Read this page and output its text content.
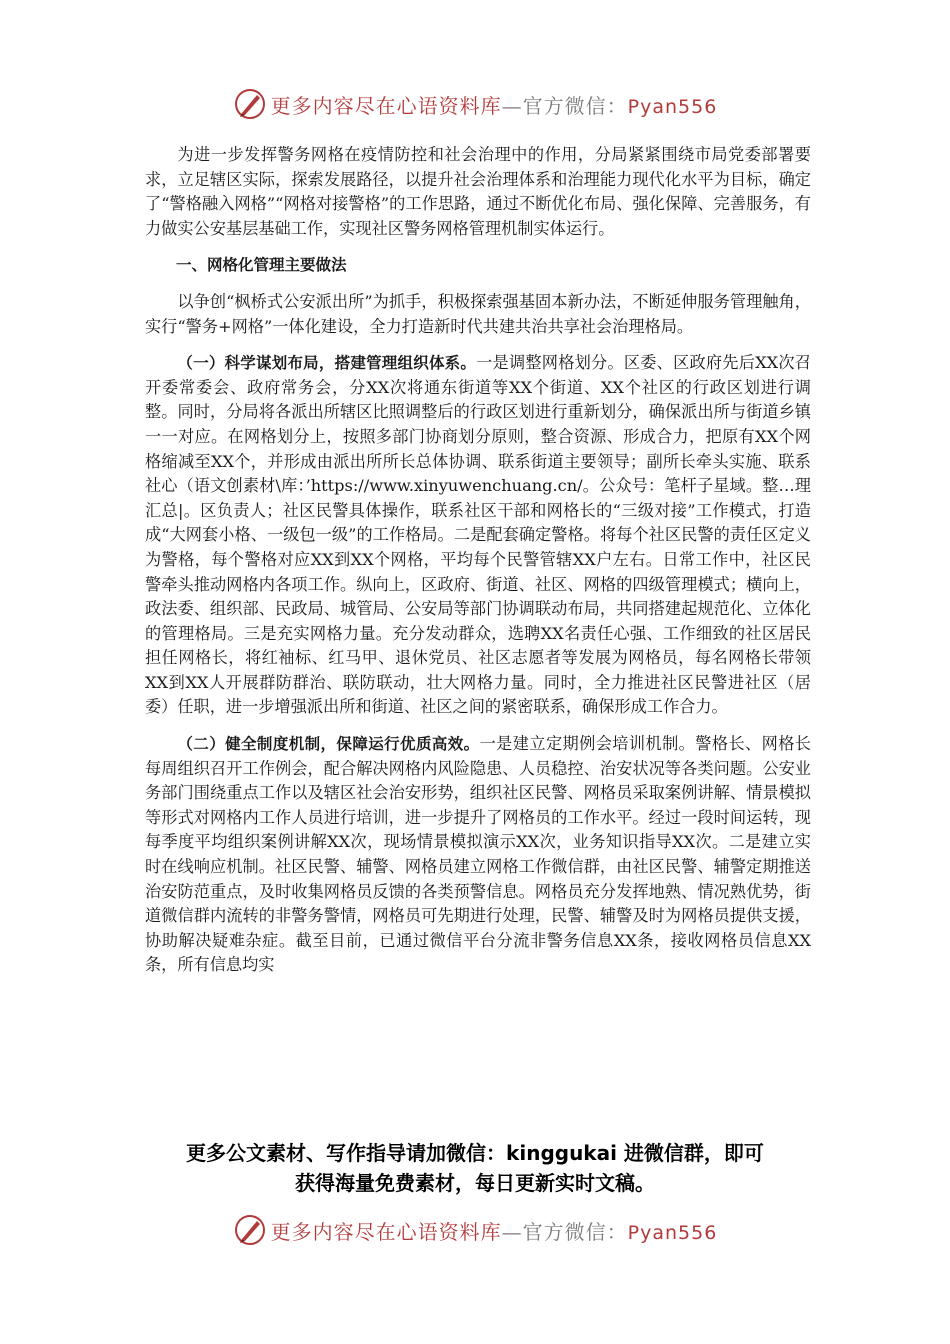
更多内容尽在心语资料库—官方微信：Pyan556

为进一步发挥警务网格在疫情防控和社会治理中的作用，分局紧紧围绕市局党委部署要求，立足辖区实际，探索发展路径，以提升社会治理体系和治理能力现代化水平为目标，确定了“警格融入网格”“网格对接警格”的工作思路，通过不断优化布局、强化保障、完善服务，有力做实公安基层基础工作，实现社区警务网格管理机制实体运行。

一、网格化管理主要做法

以争创“枫桥式公安派出所”为抓手，积极探索强基固本新办法，不断延伸服务管理触角，实行“警务+网格”一体化建设，全力打造新时代共建共治共享社会治理格局。

（一）科学谋划布局，搭建管理组织体系。一是调整网格划分。区委、区政府先后XX次召开委常委会、政府常务会，分XX次将通东街道等XX个街道、XX个社区的行政区划进行调整。同时，分局将各派出所辖区比照调整后的行政区划进行重新划分，确保派出所与街道乡镇一一对应。在网格划分上，按照多部门协商划分原则，整合资源、形成合力，把原有XX个网格缩减至XX个，并形成由派出所所长总体协调、联系街道主要领导；副所长牵头实施、联系社心（语文创素材\库：’https://www.xinyuwenchuang.cn/。公众号：笔杆子星域。整…理汇总|。区负责人；社区民警具体操作，联系社区干部和网格长的“三级对接”工作模式，打造成“大网套小格、一级包一级”的工作格局。二是配套确定警格。将每个社区民警的责任区定义为警格，每个警格对应XX到XX个网格，平均每个民警管辖XX户左右。日常工作中，社区民警牵头推动网格内各项工作。纵向上，区政府、街道、社区、网格的四级管理模式；横向上，政法委、组织部、民政局、城管局、公安局等部门协调联动布局，共同搭建起规范化、立体化的管理格局。三是充实网格力量。充分发动群众，选聘XX名责任心强、工作细致的社区居民担任网格长，将红袖标、红马甲、退休党员、社区志愿者等发展为网格员，每名网格长带领XX到XX人开展群防群治、联防联动，壮大网格力量。同时，全力推进社区民警进社区（居委）任职，进一步增强派出所和街道、社区之间的紧密联系，确保形成工作合力。

（二）健全制度机制，保障运行优质高效。一是建立定期例会培训机制。警格长、网格长每周组织召开工作例会，配合解决网格内风险隐患、人员稳控、治安状况等各类问题。公安业务部门围绕重点工作以及辖区社会治安形势，组织社区民警、网格员采取案例讲解、情景模拟等形式对网格内工作人员进行培训，进一步提升了网格员的工作水平。经过一段时间运转，现每季度平均组织案例讲解XX次，现场情景模拟演示XX次，业务知识指导XX次。二是建立实时在线响应机制。社区民警、辅警、网格员建立网格工作微信群，由社区民警、辅警定期推送治安防范重点，及时收集网格员反馈的各类预警信息。网格员充分发挥地熟、情况熟优势，街道微信群内流转的非警务警情，网格员可先期进行处理，民警、辅警及时为网格员提供支援，协助解决疑难杂症。截至目前，已通过微信平台分流非警务信息XX条，接收网格员信息XX条，所有信息均实

更多公文素材、写作指导请加微信：kinggukai 进微信群，即可
获得海量免费素材，每日更新实时文稿。
更多内容尽在心语资料库—官方微信：Pyan556
